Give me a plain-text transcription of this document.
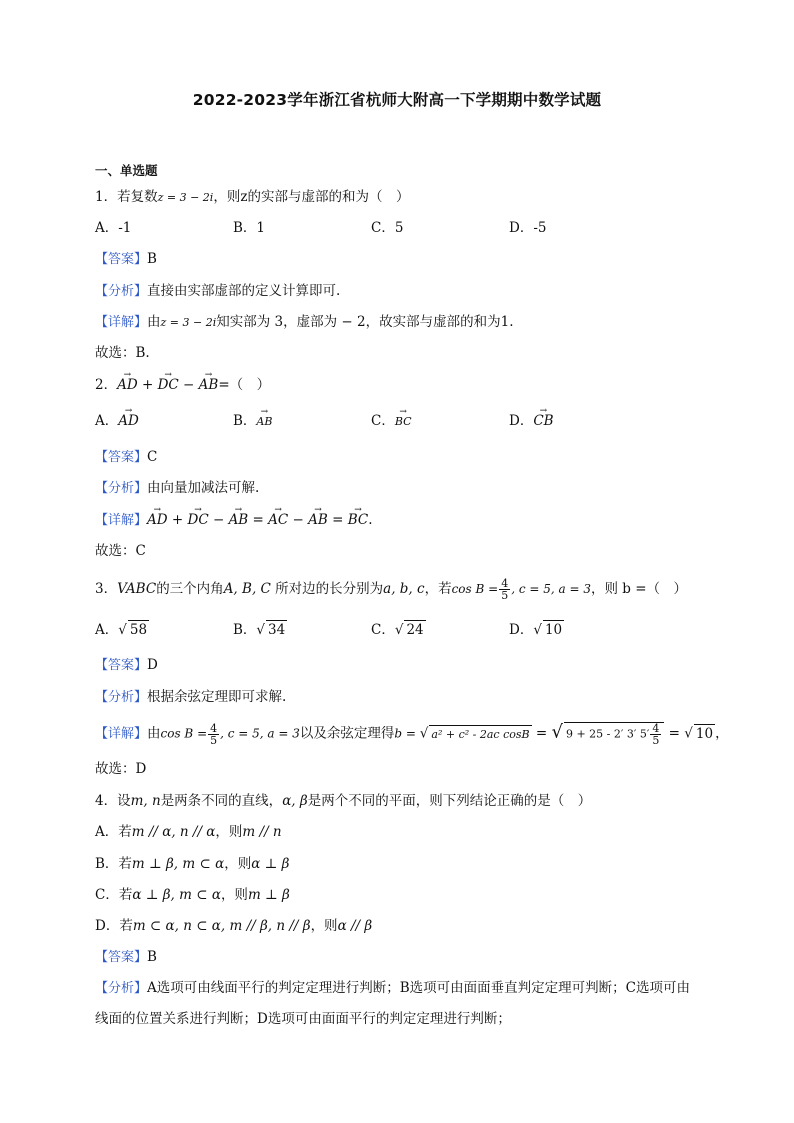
2022-2023学年浙江省杭师大附高一下学期期中数学试题
一、单选题
1．若复数z = 3 − 2i，则z的实部与虚部的和为（　）
A．-1	B．1	C．5	D．-5
【答案】B
【分析】直接由实部虚部的定义计算即可.
【详解】由z = 3 − 2i知实部为 3，虚部为 − 2，故实部与虚部的和为1.
故选：B.
2．→ AD + → DC − → AB=（　）
A．→ AD	B．→ AB	C．→ BC	D．→ CB
【答案】C
【分析】由向量加减法可解.
【详解】→ AD + → DC − → AB = → AC − → AB = → BC.
故选：C
3．VABC的三个内角A, B, C 所对边的长分别为a, b, c，若$\cos B = \frac{4}{5}$ , c = 5, a = 3，则 b =（　）
A．√ 58	B．√ 34	C．√ 24	D．√ 10
【答案】D
【分析】根据余弦定理即可求解.
【详解】由$\cos B = \frac{4}{5}$ , c = 5, a = 3以及余弦定理得b = √ a² + c² - 2ac cosB = √ 9 + 25 - 2′ 3′ $5' \frac{4}{5}$ = √ 10 ，
故选：D
4．设m, n是两条不同的直线，α, β是两个不同的平面，则下列结论正确的是（　）
A．若m // α, n // α，则m // n
B．若m ⊥ β, m ⊂ α，则α ⊥ β
C．若α ⊥ β, m ⊂ α，则m ⊥ β
D．若m ⊂ α, n ⊂ α, m // β, n // β，则α // β
【答案】B
【分析】A选项可由线面平行的判定定理进行判断；B选项可由面面垂直判定定理可判断；C选项可由线面的位置关系进行判断；D选项可由面面平行的判定定理进行判断；
